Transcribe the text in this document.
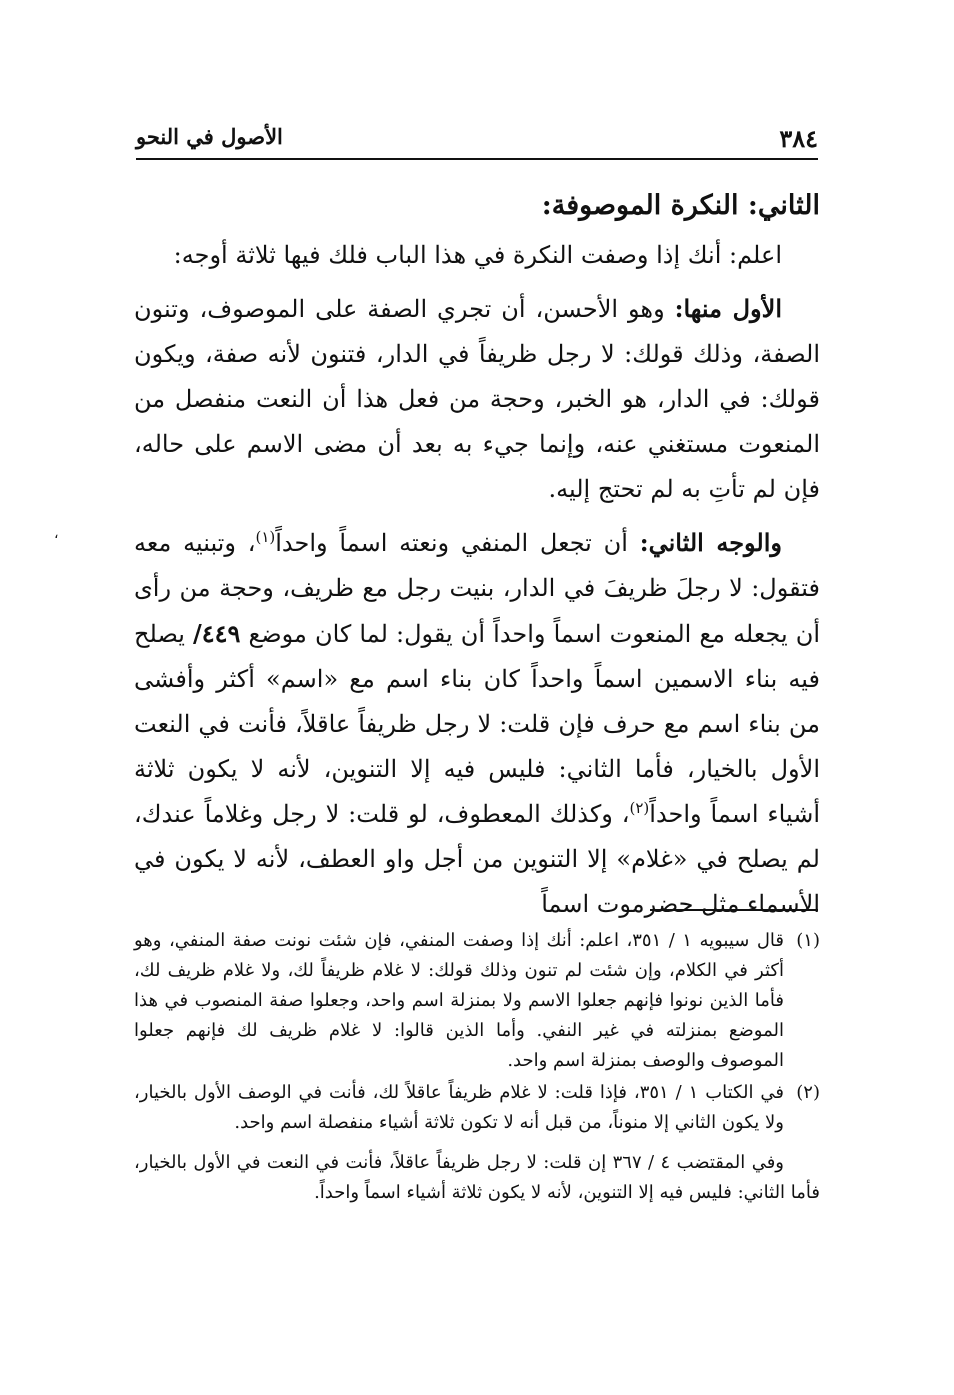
٣٨٤
الأصول في النحو
،
الثاني: النكرة الموصوفة:

اعلم: أنك إذا وصفت النكرة في هذا الباب فلك فيها ثلاثة أوجه:

الأول منها: وهو الأحسن، أن تجري الصفة على الموصوف، وتنون الصفة، وذلك قولك: لا رجل ظريفاً في الدار، فتنون لأنه صفة، ويكون قولك: في الدار، هو الخبر، وحجة من فعل هذا أن النعت منفصل من المنعوت مستغني عنه، وإنما جيء به بعد أن مضى الاسم على حاله، فإن لم تأتِ به لم تحتج إليه.

والوجه الثاني: أن تجعل المنفي ونعته اسماً واحداً$^{(١)}$، وتبنيه معه فتقول: لا رجلَ ظريفَ في الدار، بنيت رجل مع ظريف، وحجة من رأى أن يجعله مع المنعوت اسماً واحداً أن يقول: لما كان موضع ٤٤٩/ يصلح فيه بناء الاسمين اسماً واحداً كان بناء اسم مع «اسم» أكثر وأفشى من بناء اسم مع حرف فإن قلت: لا رجل ظريفاً عاقلاً، فأنت في النعت الأول بالخيار، فأما الثاني: فليس فيه إلا التنوين، لأنه لا يكون ثلاثة أشياء اسماً واحداً$^{(٢)}$، وكذلك المعطوف، لو قلت: لا رجل وغلاماً عندك، لم يصلح في «غلام» إلا التنوين من أجل واو العطف، لأنه لا يكون في الأسماء مثل حضرموت اسماً

(١)
قال سيبويه ١ / ٣٥١، اعلم: أنك إذا وصفت المنفي، فإن شئت نونت صفة المنفي، وهو أكثر في الكلام، وإن شئت لم تنون وذلك قولك: لا غلام ظريفاً لك، ولا غلام ظريف لك، فأما الذين نونوا فإنهم جعلوا الاسم ولا بمنزلة اسم واحد، وجعلوا صفة المنصوب في هذا الموضع بمنزلته في غير النفي. وأما الذين قالوا: لا غلام ظريف لك فإنهم جعلوا الموصوف والوصف بمنزلة اسم واحد.
(٢)
في الكتاب ١ / ٣٥١، فإذا قلت: لا غلام ظريفاً عاقلاً لك، فأنت في الوصف الأول بالخيار، ولا يكون الثاني إلا منوناً، من قبل أنه لا تكون ثلاثة أشياء منفصلة اسم واحد.
وفي المقتضب ٤ / ٣٦٧ إن قلت: لا رجل ظريفاً عاقلاً، فأنت في النعت في الأول بالخيار، فأما الثاني: فليس فيه إلا التنوين، لأنه لا يكون ثلاثة أشياء اسماً واحداً.
